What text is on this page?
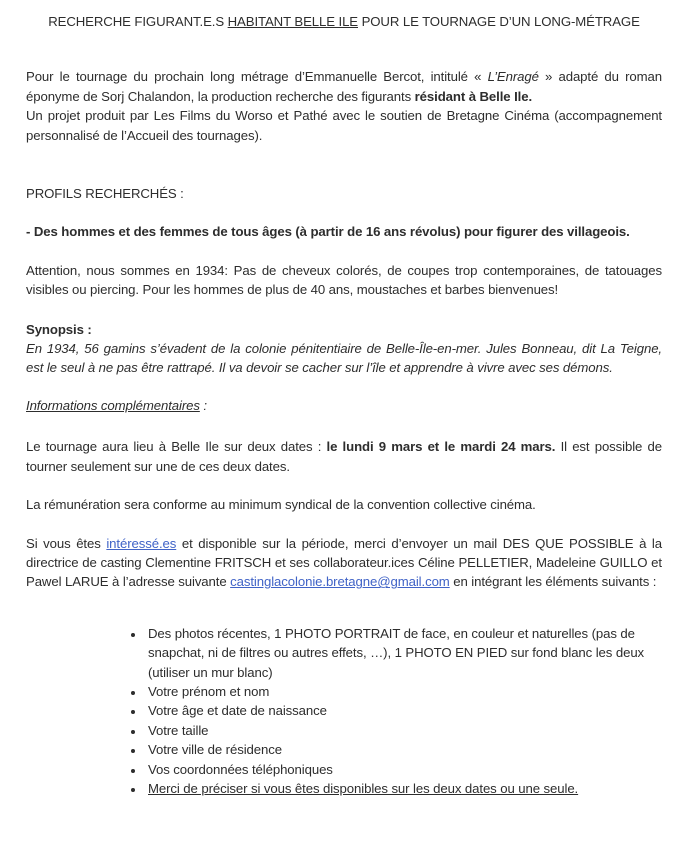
RECHERCHE FIGURANT.E.S HABITANT BELLE ILE POUR LE TOURNAGE D’UN LONG-MÉTRAGE

Pour le tournage du prochain long métrage d’Emmanuelle Bercot, intitulé « L’Enragé » adapté du roman éponyme de Sorj Chalandon, la production recherche des figurants résidant à Belle Ile.

Un projet produit par Les Films du Worso et Pathé avec le soutien de Bretagne Cinéma (accompagnement personnalisé de l’Accueil des tournages).

PROFILS RECHERCHÉS :

- Des hommes et des femmes de tous âges (à partir de 16 ans révolus) pour figurer des villageois.

Attention, nous sommes en 1934: Pas de cheveux colorés, de coupes trop contemporaines, de tatouages visibles ou piercing. Pour les hommes de plus de 40 ans, moustaches et barbes bienvenues!

Synopsis :

En 1934, 56 gamins s’évadent de la colonie pénitentiaire de Belle-Île-en-mer. Jules Bonneau, dit La Teigne, est le seul à ne pas être rattrapé. Il va devoir se cacher sur l’île et apprendre à vivre avec ses démons.

Informations complémentaires :

Le tournage aura lieu à Belle Ile sur deux dates : le lundi 9 mars et le mardi 24 mars. Il est possible de tourner seulement sur une de ces deux dates.

La rémunération sera conforme au minimum syndical de la convention collective cinéma.

Si vous êtes intéressé.es et disponible sur la période, merci d’envoyer un mail DES QUE POSSIBLE à la directrice de casting Clementine FRITSCH et ses collaborateur.ices Céline PELLETIER, Madeleine GUILLO et Pawel LARUE à l’adresse suivante castinglacolonie.bretagne@gmail.com en intégrant les éléments suivants :

• Des photos récentes, 1 PHOTO PORTRAIT de face, en couleur et naturelles (pas de snapchat, ni de filtres ou autres effets, …), 1 PHOTO EN PIED sur fond blanc les deux (utiliser un mur blanc)
• Votre prénom et nom
• Votre âge et date de naissance
• Votre taille
• Votre ville de résidence
• Vos coordonnées téléphoniques
• Merci de préciser si vous êtes disponibles sur les deux dates ou une seule.
